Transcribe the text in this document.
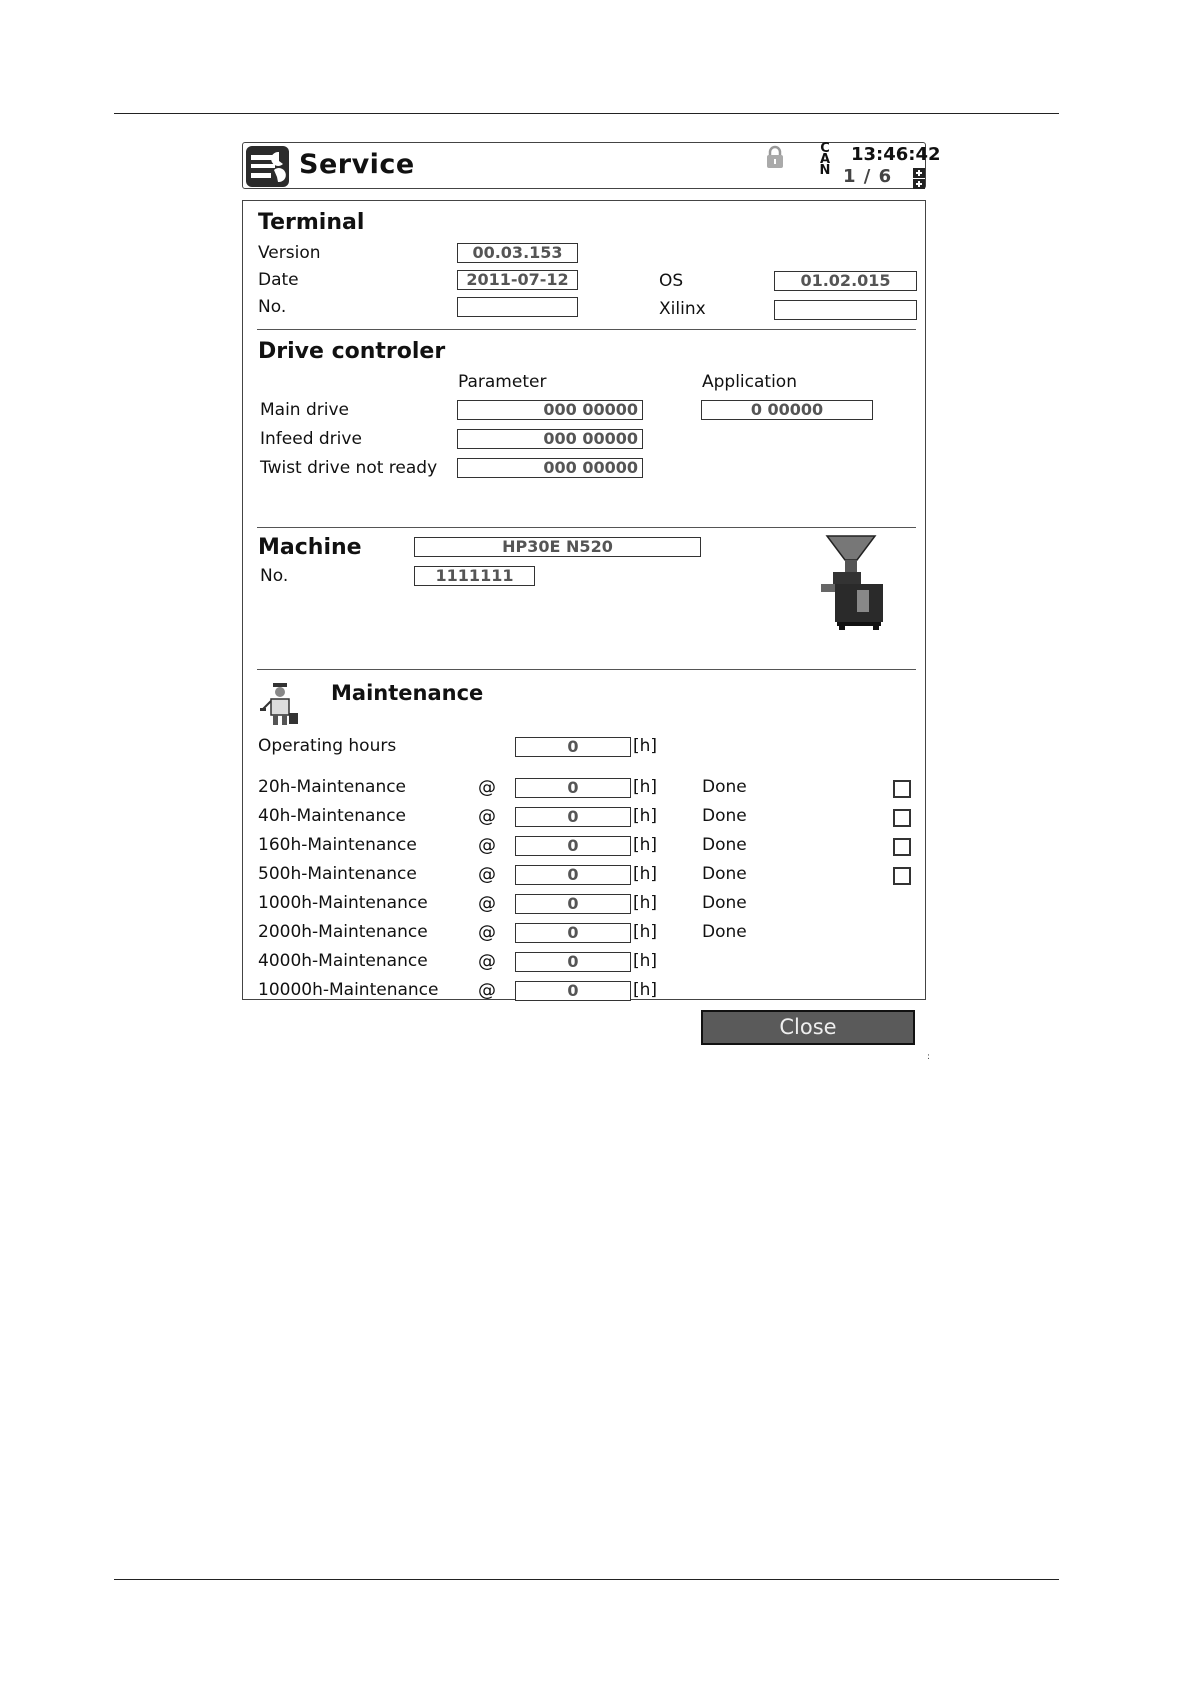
Service
C
A
N
13:46:42
1 / 6
Terminal
Version	00.03.153
Date	2011-07-12
No.
OS	01.02.015
Xilinx
Drive controler
Parameter	Application
Main drive	000 00000	0 00000
Infeed drive	000 00000
Twist drive not ready	000 00000
Machine	HP30E N520
No.	1111111
Maintenance
Operating hours	0	[h]
20h-Maintenance	@	0	[h]	Done
40h-Maintenance	@	0	[h]	Done
160h-Maintenance	@	0	[h]	Done
500h-Maintenance	@	0	[h]	Done
1000h-Maintenance	@	0	[h]	Done
2000h-Maintenance	@	0	[h]	Done
4000h-Maintenance	@	0	[h]
10000h-Maintenance @	0	[h]
Close
:
